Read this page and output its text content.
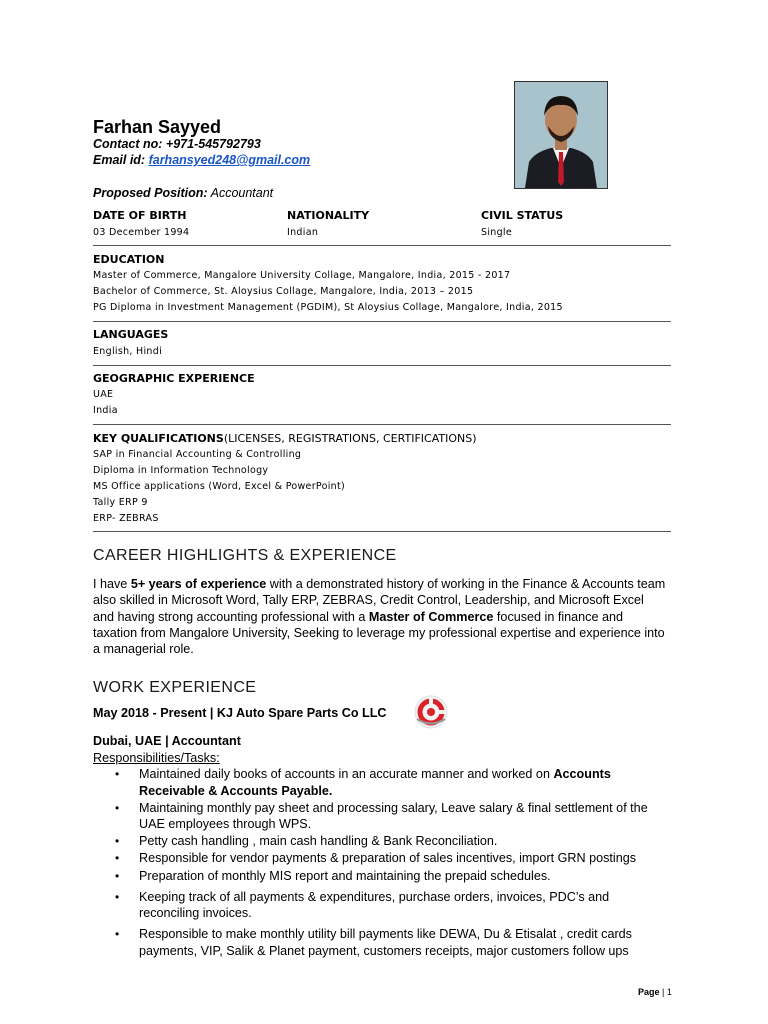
Farhan Sayyed
Contact no: +971-545792793
Email id: farhansyed248@gmail.com
Proposed Position: Accountant
DATE OF BIRTH	NATIONALITY	CIVIL STATUS
03 December 1994	Indian	Single
EDUCATION
Master of Commerce, Mangalore University Collage, Mangalore, India, 2015 - 2017
Bachelor of Commerce, St. Aloysius Collage, Mangalore, India, 2013 – 2015
PG Diploma in Investment Management (PGDIM), St Aloysius Collage, Mangalore, India, 2015
LANGUAGES
English, Hindi
GEOGRAPHIC EXPERIENCE
UAE
India
KEY QUALIFICATIONS(LICENSES, REGISTRATIONS, CERTIFICATIONS)
SAP in Financial Accounting & Controlling
Diploma in Information Technology
MS Office applications (Word, Excel & PowerPoint)
Tally ERP 9
ERP- ZEBRAS
CAREER HIGHLIGHTS & EXPERIENCE
I have 5+ years of experience with a demonstrated history of working in the Finance & Accounts team also skilled in Microsoft Word, Tally ERP, ZEBRAS, Credit Control, Leadership, and Microsoft Excel and having strong accounting professional with a Master of Commerce focused in finance and taxation from Mangalore University, Seeking to leverage my professional expertise and experience into a managerial role.
WORK EXPERIENCE
May 2018 - Present | KJ Auto Spare Parts Co LLC
Dubai, UAE | Accountant
Responsibilities/Tasks:
• Maintained daily books of accounts in an accurate manner and worked on Accounts Receivable & Accounts Payable.
• Maintaining monthly pay sheet and processing salary, Leave salary & final settlement of the UAE employees through WPS.
• Petty cash handling , main cash handling & Bank Reconciliation.
• Responsible for vendor payments & preparation of sales incentives, import GRN postings
• Preparation of monthly MIS report and maintaining the prepaid schedules.
• Keeping track of all payments & expenditures, purchase orders, invoices, PDC’s and reconciling invoices.
• Responsible to make monthly utility bill payments like DEWA, Du & Etisalat , credit cards payments, VIP, Salik & Planet payment, customers receipts, major customers follow ups
Page | 1
